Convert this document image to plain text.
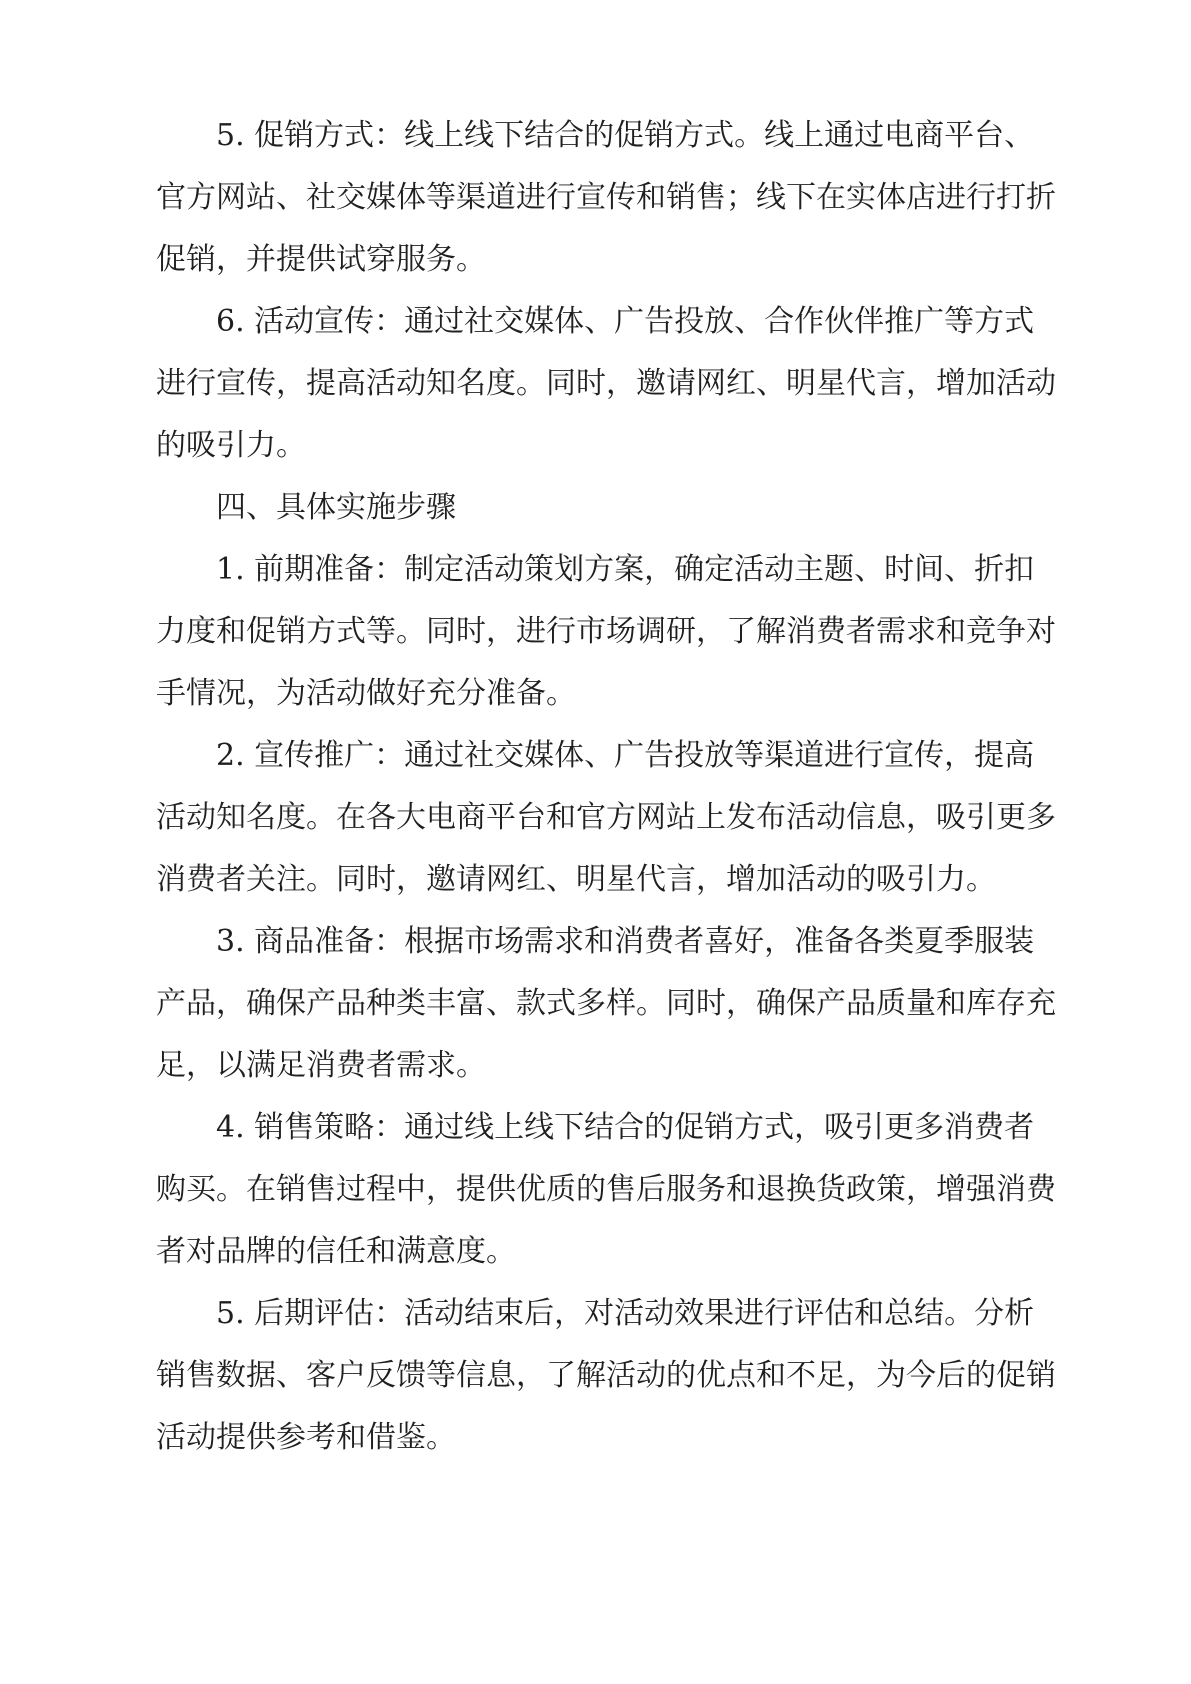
5. 促销方式：线上线下结合的促销方式。线上通过电商平台、官方网站、社交媒体等渠道进行宣传和销售；线下在实体店进行打折促销，并提供试穿服务。

6. 活动宣传：通过社交媒体、广告投放、合作伙伴推广等方式进行宣传，提高活动知名度。同时，邀请网红、明星代言，增加活动的吸引力。

四、具体实施步骤

1. 前期准备：制定活动策划方案，确定活动主题、时间、折扣力度和促销方式等。同时，进行市场调研，了解消费者需求和竞争对手情况，为活动做好充分准备。

2. 宣传推广：通过社交媒体、广告投放等渠道进行宣传，提高活动知名度。在各大电商平台和官方网站上发布活动信息，吸引更多消费者关注。同时，邀请网红、明星代言，增加活动的吸引力。

3. 商品准备：根据市场需求和消费者喜好，准备各类夏季服装产品，确保产品种类丰富、款式多样。同时，确保产品质量和库存充足，以满足消费者需求。

4. 销售策略：通过线上线下结合的促销方式，吸引更多消费者购买。在销售过程中，提供优质的售后服务和退换货政策，增强消费者对品牌的信任和满意度。

5. 后期评估：活动结束后，对活动效果进行评估和总结。分析销售数据、客户反馈等信息，了解活动的优点和不足，为今后的促销活动提供参考和借鉴。
